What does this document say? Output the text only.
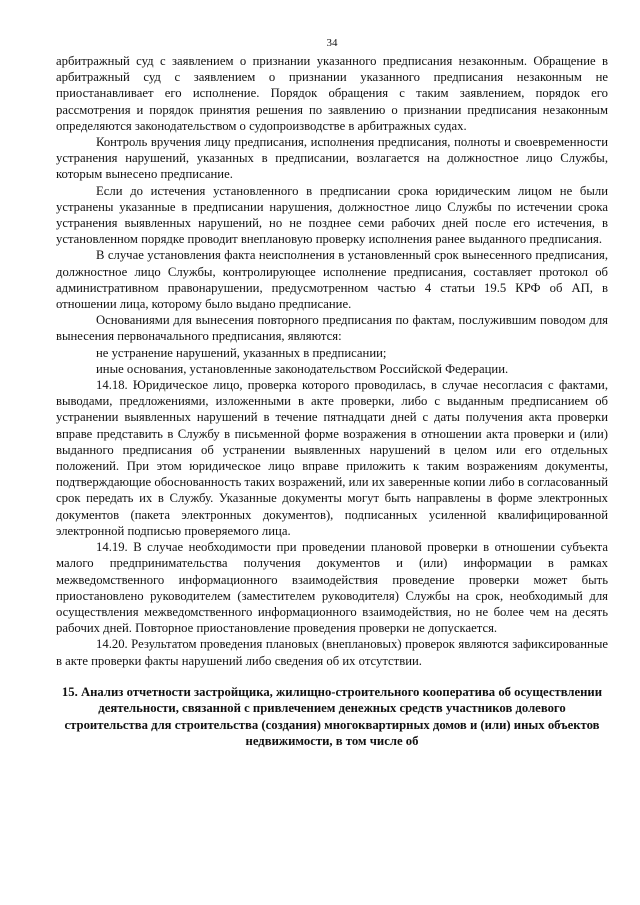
34

арбитражный суд с заявлением о признании указанного предписания незаконным. Обращение в арбитражный суд с заявлением о признании указанного предписания незаконным не приостанавливает его исполнение. Порядок обращения с таким заявлением, порядок его рассмотрения и порядок принятия решения по заявлению о признании предписания незаконным определяются законодательством о судопроизводстве в арбитражных судах.

Контроль вручения лицу предписания, исполнения предписания, полноты и своевременности устранения нарушений, указанных в предписании, возлагается на должностное лицо Службы, которым вынесено предписание.

Если до истечения установленного в предписании срока юридическим лицом не были устранены указанные в предписании нарушения, должностное лицо Службы по истечении срока устранения выявленных нарушений, но не позднее семи рабочих дней после его истечения, в установленном порядке проводит внеплановую проверку исполнения ранее выданного предписания.

В случае установления факта неисполнения в установленный срок вынесенного предписания, должностное лицо Службы, контролирующее исполнение предписания, составляет протокол об административном правонарушении, предусмотренном частью 4 статьи 19.5 КРФ об АП, в отношении лица, которому было выдано предписание.

Основаниями для вынесения повторного предписания по фактам, послужившим поводом для вынесения первоначального предписания, являются:

не устранение нарушений, указанных в предписании;

иные основания, установленные законодательством Российской Федерации.

14.18. Юридическое лицо, проверка которого проводилась, в случае несогласия с фактами, выводами, предложениями, изложенными в акте проверки, либо с выданным предписанием об устранении выявленных нарушений в течение пятнадцати дней с даты получения акта проверки вправе представить в Службу в письменной форме возражения в отношении акта проверки и (или) выданного предписания об устранении выявленных нарушений в целом или его отдельных положений. При этом юридическое лицо вправе приложить к таким возражениям документы, подтверждающие обоснованность таких возражений, или их заверенные копии либо в согласованный срок передать их в Службу. Указанные документы могут быть направлены в форме электронных документов (пакета электронных документов), подписанных усиленной квалифицированной электронной подписью проверяемого лица.

14.19. В случае необходимости при проведении плановой проверки в отношении субъекта малого предпринимательства получения документов и (или) информации в рамках межведомственного информационного взаимодействия проведение проверки может быть приостановлено руководителем (заместителем руководителя) Службы на срок, необходимый для осуществления межведомственного информационного взаимодействия, но не более чем на десять рабочих дней. Повторное приостановление проведения проверки не допускается.

14.20. Результатом проведения плановых (внеплановых) проверок являются зафиксированные в акте проверки факты нарушений либо сведения об их отсутствии.

15. Анализ отчетности застройщика, жилищно-строительного кооператива об осуществлении деятельности, связанной с привлечением денежных средств участников долевого строительства для строительства (создания) многоквартирных домов и (или) иных объектов недвижимости, в том числе об
